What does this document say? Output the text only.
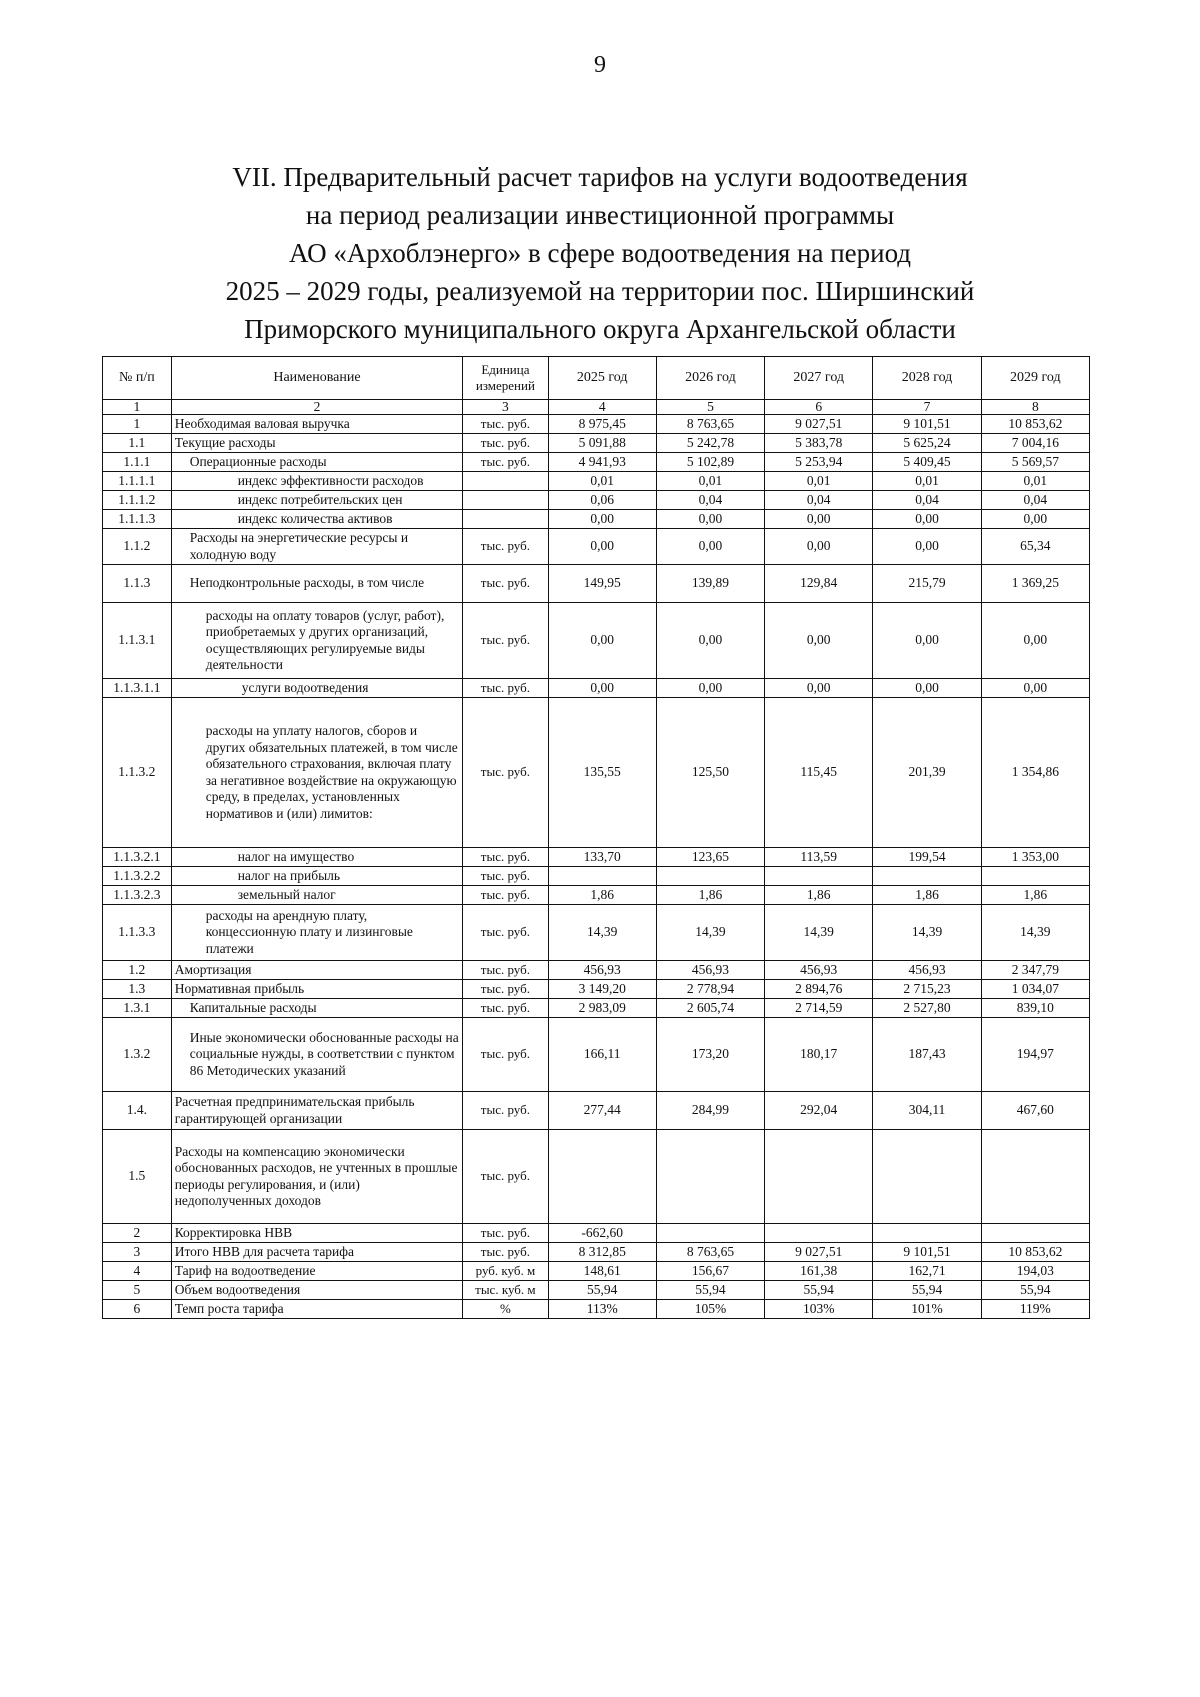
9
VII. Предварительный расчет тарифов на услуги водоотведения
на период реализации инвестиционной программы
АО «Архоблэнерго» в сфере водоотведения на период
2025 – 2029 годы, реализуемой на территории пос. Ширшинский
Приморского муниципального округа Архангельской области
№ п/п	Наименование	Единица измерений	2025 год	2026 год	2027 год	2028 год	2029 год
1	2	3	4	5	6	7	8
1	Необходимая валовая выручка	тыс. руб.	8 975,45	8 763,65	9 027,51	9 101,51	10 853,62
1.1	Текущие расходы	тыс. руб.	5 091,88	5 242,78	5 383,78	5 625,24	7 004,16
1.1.1	Операционные расходы	тыс. руб.	4 941,93	5 102,89	5 253,94	5 409,45	5 569,57
1.1.1.1	индекс эффективности расходов		0,01	0,01	0,01	0,01	0,01
1.1.1.2	индекс потребительских цен		0,06	0,04	0,04	0,04	0,04
1.1.1.3	индекс количества активов		0,00	0,00	0,00	0,00	0,00
1.1.2	Расходы на энергетические ресурсы и холодную воду	тыс. руб.	0,00	0,00	0,00	0,00	65,34
1.1.3	Неподконтрольные расходы, в том числе	тыс. руб.	149,95	139,89	129,84	215,79	1 369,25
1.1.3.1	расходы на оплату товаров (услуг, работ), приобретаемых у других организаций, осуществляющих регулируемые виды деятельности	тыс. руб.	0,00	0,00	0,00	0,00	0,00
1.1.3.1.1	услуги водоотведения	тыс. руб.	0,00	0,00	0,00	0,00	0,00
1.1.3.2	расходы на уплату налогов, сборов и других обязательных платежей, в том числе обязательного страхования, включая плату за негативное воздействие на окружающую среду, в пределах, установленных нормативов и (или) лимитов:	тыс. руб.	135,55	125,50	115,45	201,39	1 354,86
1.1.3.2.1	налог на имущество	тыс. руб.	133,70	123,65	113,59	199,54	1 353,00
1.1.3.2.2	налог на прибыль	тыс. руб.					
1.1.3.2.3	земельный налог	тыс. руб.	1,86	1,86	1,86	1,86	1,86
1.1.3.3	расходы на арендную плату, концессионную плату и лизинговые платежи	тыс. руб.	14,39	14,39	14,39	14,39	14,39
1.2	Амортизация	тыс. руб.	456,93	456,93	456,93	456,93	2 347,79
1.3	Нормативная прибыль	тыс. руб.	3 149,20	2 778,94	2 894,76	2 715,23	1 034,07
1.3.1	Капитальные расходы	тыс. руб.	2 983,09	2 605,74	2 714,59	2 527,80	839,10
1.3.2	Иные экономически обоснованные расходы на социальные нужды, в соответствии с пунктом 86 Методических указаний	тыс. руб.	166,11	173,20	180,17	187,43	194,97
1.4.	Расчетная предпринимательская прибыль гарантирующей организации	тыс. руб.	277,44	284,99	292,04	304,11	467,60
1.5	Расходы на компенсацию экономически обоснованных расходов, не учтенных в прошлые периоды регулирования, и (или) недополученных доходов	тыс. руб.					
2	Корректировка НВВ	тыс. руб.	-662,60				
3	Итого НВВ для расчета тарифа	тыс. руб.	8 312,85	8 763,65	9 027,51	9 101,51	10 853,62
4	Тариф на водоотведение	руб. куб. м	148,61	156,67	161,38	162,71	194,03
5	Объем водоотведения	тыс. куб. м	55,94	55,94	55,94	55,94	55,94
6	Темп роста тарифа	%	113%	105%	103%	101%	119%
